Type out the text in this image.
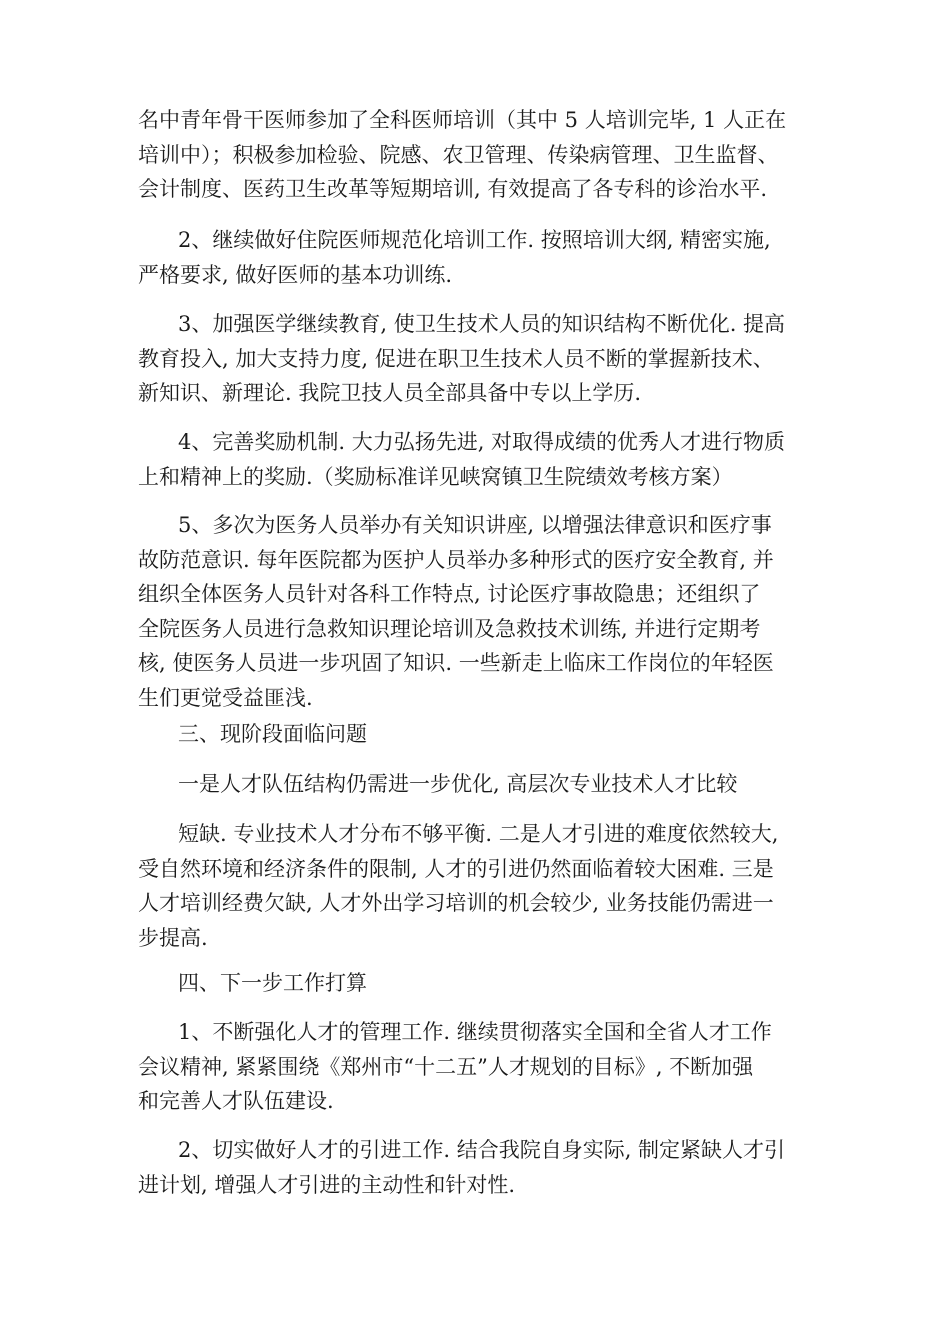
名中青年骨干医师参加了全科医师培训（其中 5 人培训完毕, 1 人正在
培训中）；积极参加检验、院感、农卫管理、传染病管理、卫生监督、
会计制度、医药卫生改革等短期培训, 有效提高了各专科的诊治水平.

2、继续做好住院医师规范化培训工作. 按照培训大纲, 精密实施,
严格要求, 做好医师的基本功训练.

3、加强医学继续教育, 使卫生技术人员的知识结构不断优化. 提高
教育投入, 加大支持力度, 促进在职卫生技术人员不断的掌握新技术、
新知识、新理论. 我院卫技人员全部具备中专以上学历.

4、完善奖励机制. 大力弘扬先进, 对取得成绩的优秀人才进行物质
上和精神上的奖励.（奖励标准详见峡窝镇卫生院绩效考核方案）

5、多次为医务人员举办有关知识讲座, 以增强法律意识和医疗事
故防范意识. 每年医院都为医护人员举办多种形式的医疗安全教育, 并
组织全体医务人员针对各科工作特点, 讨论医疗事故隐患；还组织了
全院医务人员进行急救知识理论培训及急救技术训练, 并进行定期考
核, 使医务人员进一步巩固了知识. 一些新走上临床工作岗位的年轻医
生们更觉受益匪浅.

三、现阶段面临问题

一是人才队伍结构仍需进一步优化, 高层次专业技术人才比较

短缺. 专业技术人才分布不够平衡. 二是人才引进的难度依然较大,
受自然环境和经济条件的限制, 人才的引进仍然面临着较大困难. 三是
人才培训经费欠缺, 人才外出学习培训的机会较少, 业务技能仍需进一
步提高.

四、下一步工作打算

1、不断强化人才的管理工作. 继续贯彻落实全国和全省人才工作
会议精神, 紧紧围绕《郑州市“十二五”人才规划的目标》, 不断加强
和完善人才队伍建设.

2、切实做好人才的引进工作. 结合我院自身实际, 制定紧缺人才引
进计划, 增强人才引进的主动性和针对性.
